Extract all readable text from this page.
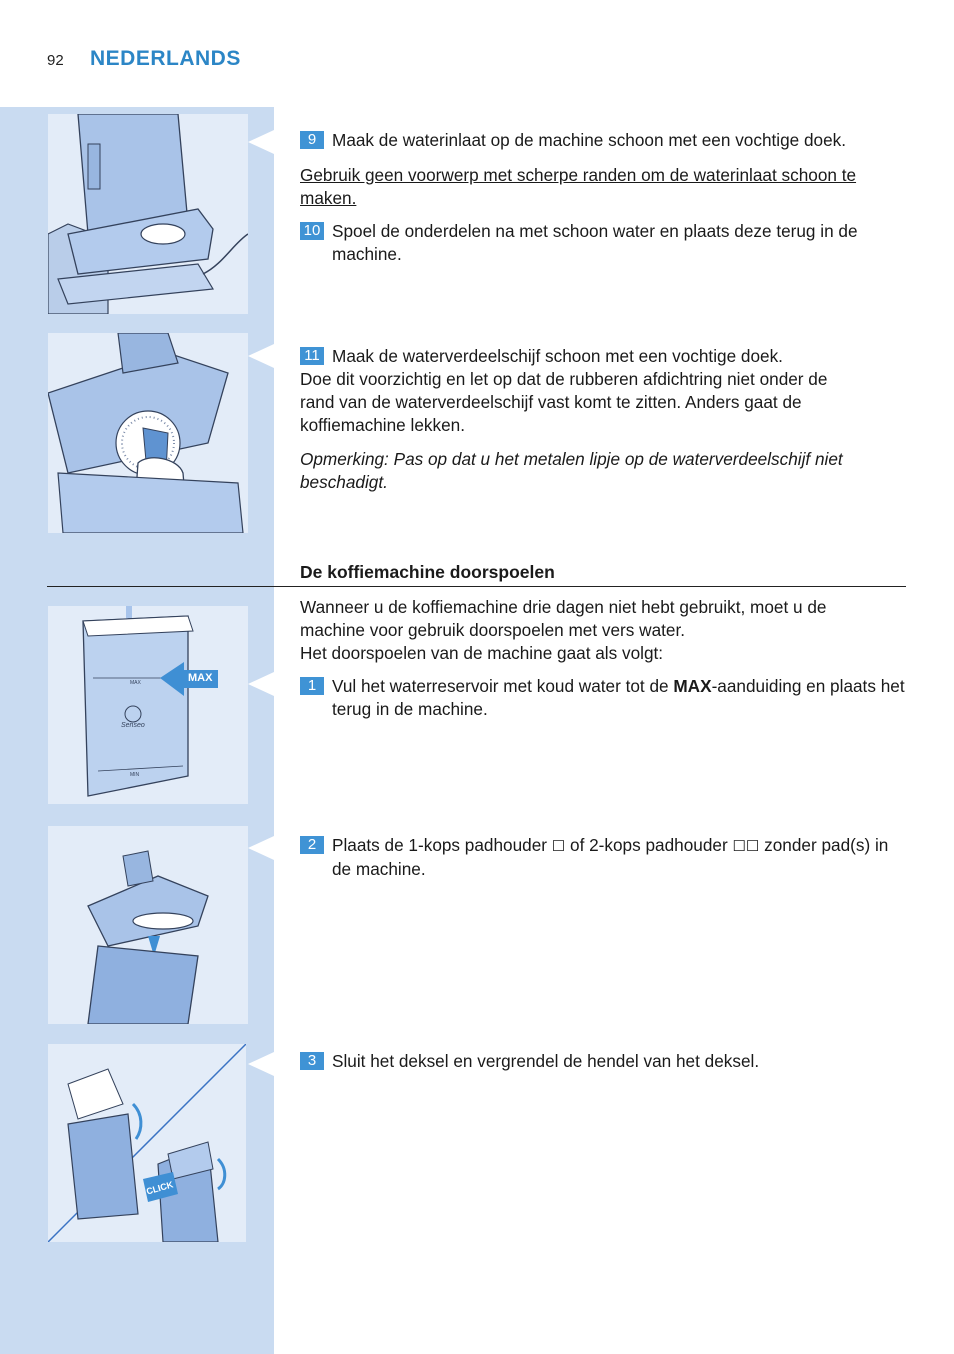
92 NEDERLANDS
MAX
Senseo
MAX
MIN
CLICK
9 Maak de waterinlaat op de machine schoon met een vochtige doek.
Gebruik geen voorwerp met scherpe randen om de waterinlaat schoon te maken.
10 Spoel de onderdelen na met schoon water en plaats deze terug in de machine.
11 Maak de waterverdeelschijf schoon met een vochtige doek.
Doe dit voorzichtig en let op dat de rubberen afdichtring niet onder de rand van de waterverdeelschijf vast komt te zitten. Anders gaat de koffiemachine lekken.
Opmerking: Pas op dat u het metalen lipje op de waterverdeelschijf niet beschadigt.
De koffiemachine doorspoelen
Wanneer u de koffiemachine drie dagen niet hebt gebruikt, moet u de machine voor gebruik doorspoelen met vers water.
Het doorspoelen van de machine gaat als volgt:
1 Vul het waterreservoir met koud water tot de MAX-aanduiding en plaats het terug in de machine.
2 Plaats de 1-kops padhouder ☐ of 2-kops padhouder ☐☐ zonder pad(s) in de machine.
3 Sluit het deksel en vergrendel de hendel van het deksel.
